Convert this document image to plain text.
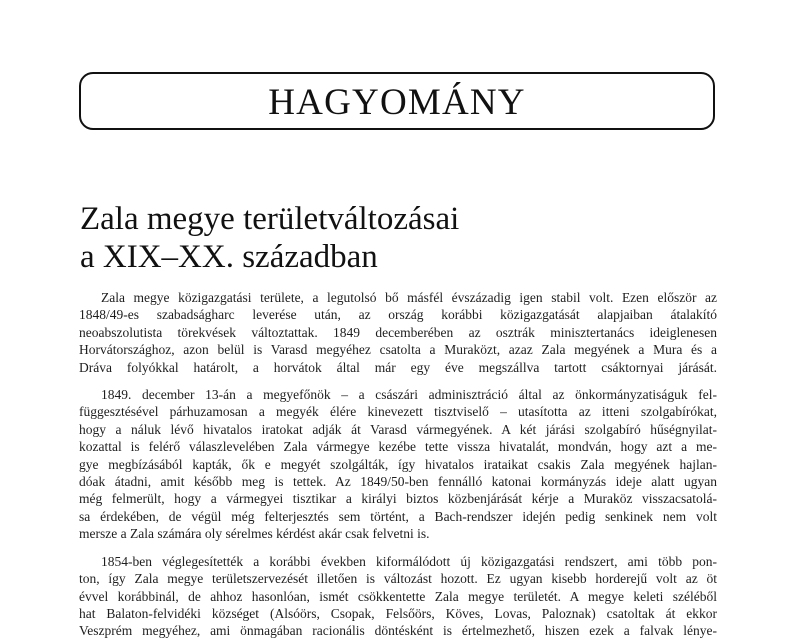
HAGYOMÁNY
Zala megye területváltozásai
a XIX–XX. században

Zala megye közigazgatási területe, a legutolsó bő másfél évszázadig igen stabil volt. Ezen először az
1848/49-es szabadságharc leverése után, az ország korábbi közigazgatását alapjaiban átalakító
neoabszolutista törekvések változtattak. 1849 decemberében az osztrák minisztertanács ideiglenesen
Horvátországhoz, azon belül is Varasd megyéhez csatolta a Muraközt, azaz Zala megyének a Mura és a
Dráva folyókkal határolt, a horvátok által már egy éve megszállva tartott csáktornyai járását.

1849. december 13-án a megyefőnök – a császári adminisztráció által az önkormányzatiságuk fel-
függesztésével párhuzamosan a megyék élére kinevezett tisztviselő – utasította az itteni szolgabírókat,
hogy a náluk lévő hivatalos iratokat adják át Varasd vármegyének. A két járási szolgabíró hűségnyilat-
kozattal is felérő válaszlevelében Zala vármegye kezébe tette vissza hivatalát, mondván, hogy azt a me-
gye megbízásából kapták, ők e megyét szolgálták, így hivatalos irataikat csakis Zala megyének hajlan-
dóak átadni, amit később meg is tettek. Az 1849/50-ben fennálló katonai kormányzás ideje alatt ugyan
még felmerült, hogy a vármegyei tisztikar a királyi biztos közbenjárását kérje a Muraköz visszacsatolá-
sa érdekében, de végül még felterjesztés sem történt, a Bach-rendszer idején pedig senkinek nem volt
mersze a Zala számára oly sérelmes kérdést akár csak felvetni is.

1854-ben véglegesítették a korábbi években kiformálódott új közigazgatási rendszert, ami több pon-
ton, így Zala megye területszervezését illetően is változást hozott. Ez ugyan kisebb horderejű volt az öt
évvel korábbinál, de ahhoz hasonlóan, ismét csökkentette Zala megye területét. A megye keleti széléből
hat Balaton-felvidéki községet (Alsóörs, Csopak, Felsőörs, Köves, Lovas, Paloznak) csatoltak át ekkor
Veszprém megyéhez, ami önmagában racionális döntésként is értelmezhető, hiszen ezek a falvak lénye-
